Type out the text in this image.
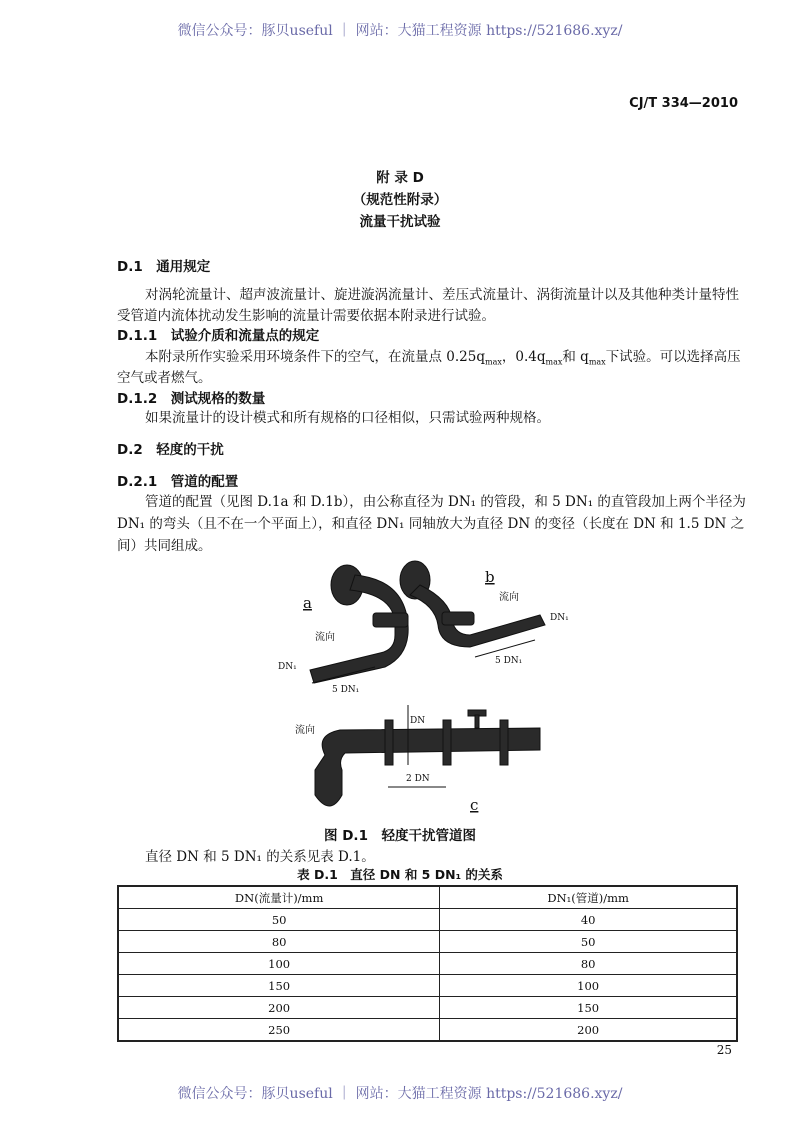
微信公众号：豚贝useful ｜ 网站：大猫工程资源 https://521686.xyz/
CJ/T 334—2010
附 录 D
（规范性附录）
流量干扰试验
D.1　通用规定
对涡轮流量计、超声波流量计、旋进漩涡流量计、差压式流量计、涡街流量计以及其他种类计量特性
受管道内流体扰动发生影响的流量计需要依据本附录进行试验。
D.1.1　试验介质和流量点的规定
本附录所作实验采用环境条件下的空气，在流量点 $0.25q_{max}$，$0.4q_{max}$和 $q_{max}$下试验。可以选择高压
空气或者燃气。
D.1.2　测试规格的数量
如果流量计的设计模式和所有规格的口径相似，只需试验两种规格。
D.2　轻度的干扰
D.2.1　管道的配置
管道的配置（见图 D.1a 和 D.1b），由公称直径为 DN₁ 的管段，和 5 DN₁ 的直管段加上两个半径为
DN₁ 的弯头（且不在一个平面上），和直径 DN₁ 同轴放大为直径 DN 的变径（长度在 DN 和 1.5 DN 之
间）共同组成。
a
b
c
流向
流向
流向
DN₁
DN₁
5 DN₁
5 DN₁
DN
2 DN
图 D.1　轻度干扰管道图
直径 DN 和 5 DN₁ 的关系见表 D.1。
表 D.1　直径 DN 和 5 DN₁ 的关系
DN(流量计)/mm	DN₁(管道)/mm
50	40
80	50
100	80
150	100
200	150
250	200
25
微信公众号：豚贝useful ｜ 网站：大猫工程资源 https://521686.xyz/
